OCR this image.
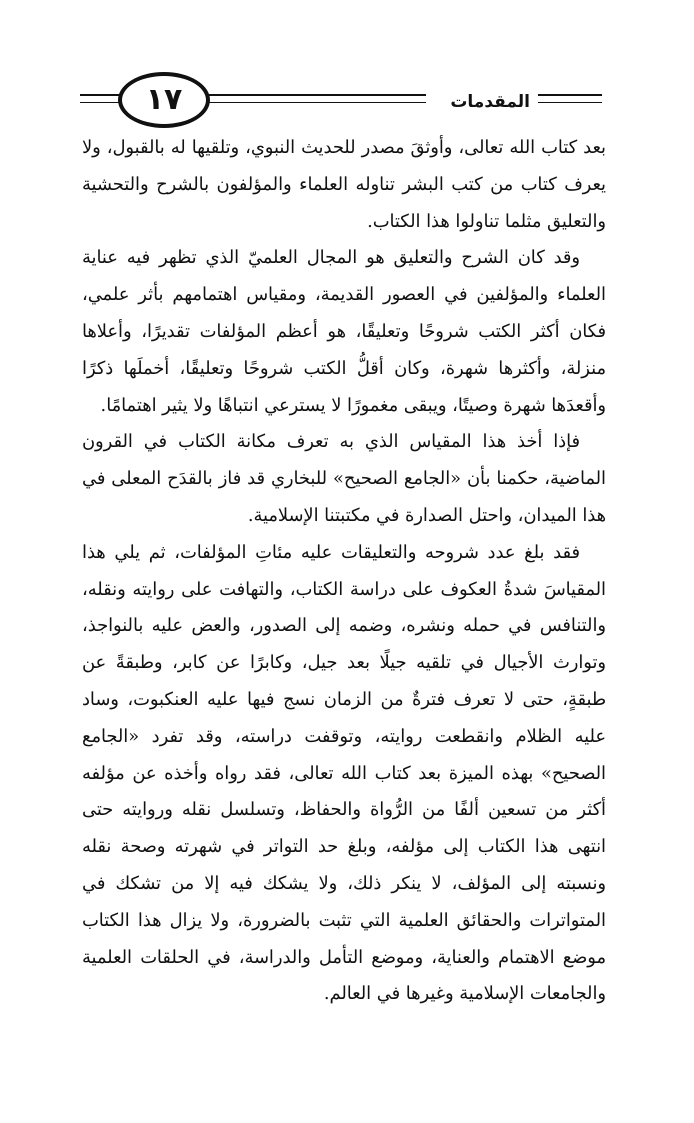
المقدمات
١٧

بعد كتاب الله تعالى، وأوثقَ مصدر للحديث النبوي، وتلقيها له بالقبول، ولا يعرف كتاب من كتب البشر تناوله العلماء والمؤلفون بالشرح والتحشية والتعليق مثلما تناولوا هذا الكتاب.

وقد كان الشرح والتعليق هو المجال العلميّ الذي تظهر فيه عناية العلماء والمؤلفين في العصور القديمة، ومقياس اهتمامهم بأثر علمي، فكان أكثر الكتب شروحًا وتعليقًا، هو أعظم المؤلفات تقديرًا، وأعلاها منزلة، وأكثرها شهرة، وكان أقلُّ الكتب شروحًا وتعليقًا، أخملَها ذكرًا وأقعدَها شهرة وصيتًا، ويبقى مغمورًا لا يسترعي انتباهًا ولا يثير اهتمامًا.

فإذا أخذ هذا المقياس الذي به تعرف مكانة الكتاب في القرون الماضية، حكمنا بأن «الجامع الصحيح» للبخاري قد فاز بالقدَح المعلى في هذا الميدان، واحتل الصدارة في مكتبتنا الإسلامية.

فقد بلغ عدد شروحه والتعليقات عليه مئاتِ المؤلفات، ثم يلي هذا المقياسَ شدةُ العكوف على دراسة الكتاب، والتهافت على روايته ونقله، والتنافس في حمله ونشره، وضمه إلى الصدور، والعض عليه بالنواجذ، وتوارث الأجيال في تلقيه جيلًا بعد جيل، وكابرًا عن كابر، وطبقةً عن طبقةٍ، حتى لا تعرف فترةٌ من الزمان نسج فيها عليه العنكبوت، وساد عليه الظلام وانقطعت روايته، وتوقفت دراسته، وقد تفرد «الجامع الصحيح» بهذه الميزة بعد كتاب الله تعالى، فقد رواه وأخذه عن مؤلفه أكثر من تسعين ألفًا من الرُّواة والحفاظ، وتسلسل نقله وروايته حتى انتهى هذا الكتاب إلى مؤلفه، وبلغ حد التواتر في شهرته وصحة نقله ونسبته إلى المؤلف، لا ينكر ذلك، ولا يشكك فيه إلا من تشكك في المتواترات والحقائق العلمية التي تثبت بالضرورة، ولا يزال هذا الكتاب موضع الاهتمام والعناية، وموضع التأمل والدراسة، في الحلقات العلمية والجامعات الإسلامية وغيرها في العالم.
